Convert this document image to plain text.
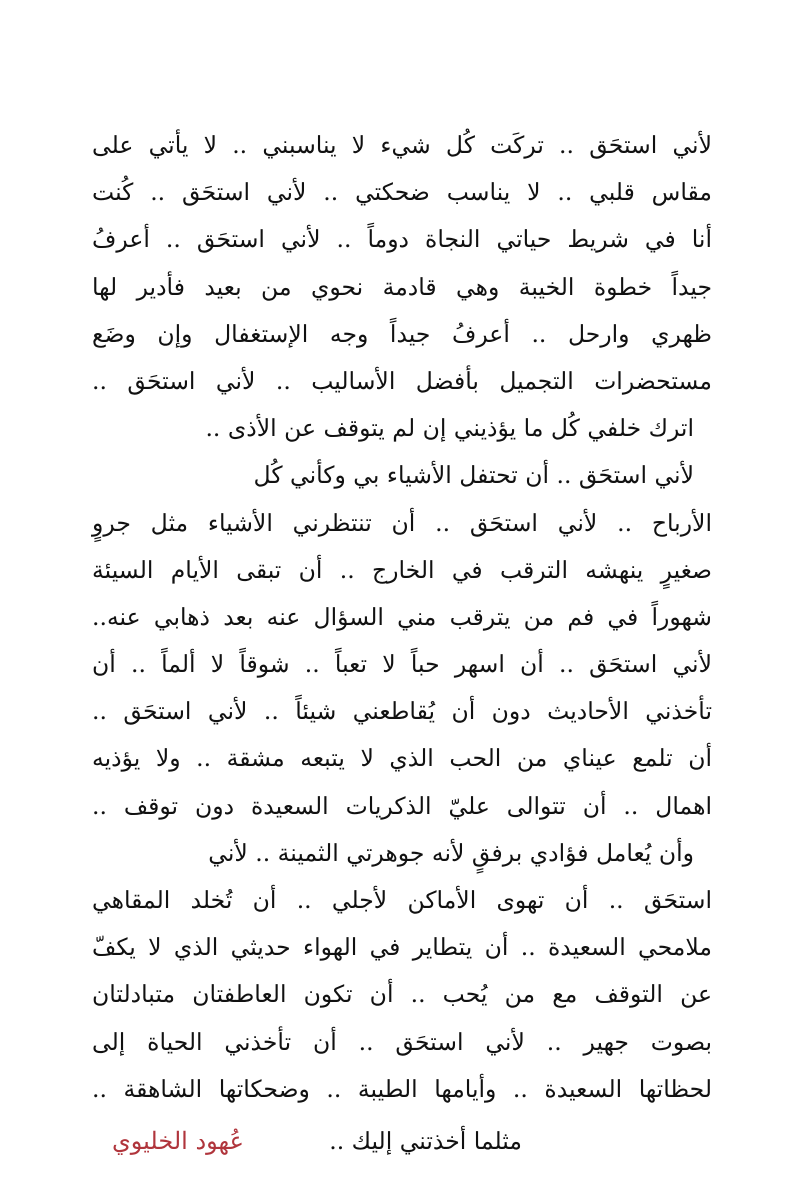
لأني استحَق .. تركَت كُل شيء لا يناسبني .. لا يأتي على
مقاس قلبي .. لا يناسب ضحكتي .. لأني استحَق .. كُنت
أنا في شريط حياتي النجاة دوماً .. لأني استحَق .. أعرفُ
جيداً خطوة الخيبة وهي قادمة نحوي من بعيد فأدير لها
ظهري وارحل .. أعرفُ جيداً وجه الإستغفال وإن وضَع
مستحضرات التجميل بأفضل الأساليب .. لأني استحَق ..
اترك خلفي كُل ما يؤذيني إن لم يتوقف عن الأذى ..
لأني استحَق .. أن تحتفل الأشياء بي وكأني كُل
الأرباح .. لأني استحَق .. أن تنتظرني الأشياء مثل جروٍ
صغيرٍ ينهشه الترقب في الخارج .. أن تبقى الأيام السيئة
شهوراً في فم من يترقب مني السؤال عنه بعد ذهابي عنه..
لأني استحَق .. أن اسهر حباً لا تعباً .. شوقاً لا ألماً .. أن
تأخذني الأحاديث دون أن يُقاطعني شيئاً .. لأني استحَق ..
أن تلمع عيناي من الحب الذي لا يتبعه مشقة .. ولا يؤذيه
اهمال .. أن تتوالى عليّ الذكريات السعيدة دون توقف ..
وأن يُعامل فؤادي برفقٍ لأنه جوهرتي الثمينة .. لأني
استحَق .. أن تهوى الأماكن لأجلي .. أن تُخلد المقاهي
ملامحي السعيدة .. أن يتطاير في الهواء حديثي الذي لا يكفّ
عن التوقف مع من يُحب .. أن تكون العاطفتان متبادلتان
بصوت جهير .. لأني استحَق .. أن تأخذني الحياة إلى
لحظاتها السعيدة .. وأيامها الطيبة .. وضحكاتها الشاهقة ..
مثلما أخذتني إليك ..
عُهود الخليوي
